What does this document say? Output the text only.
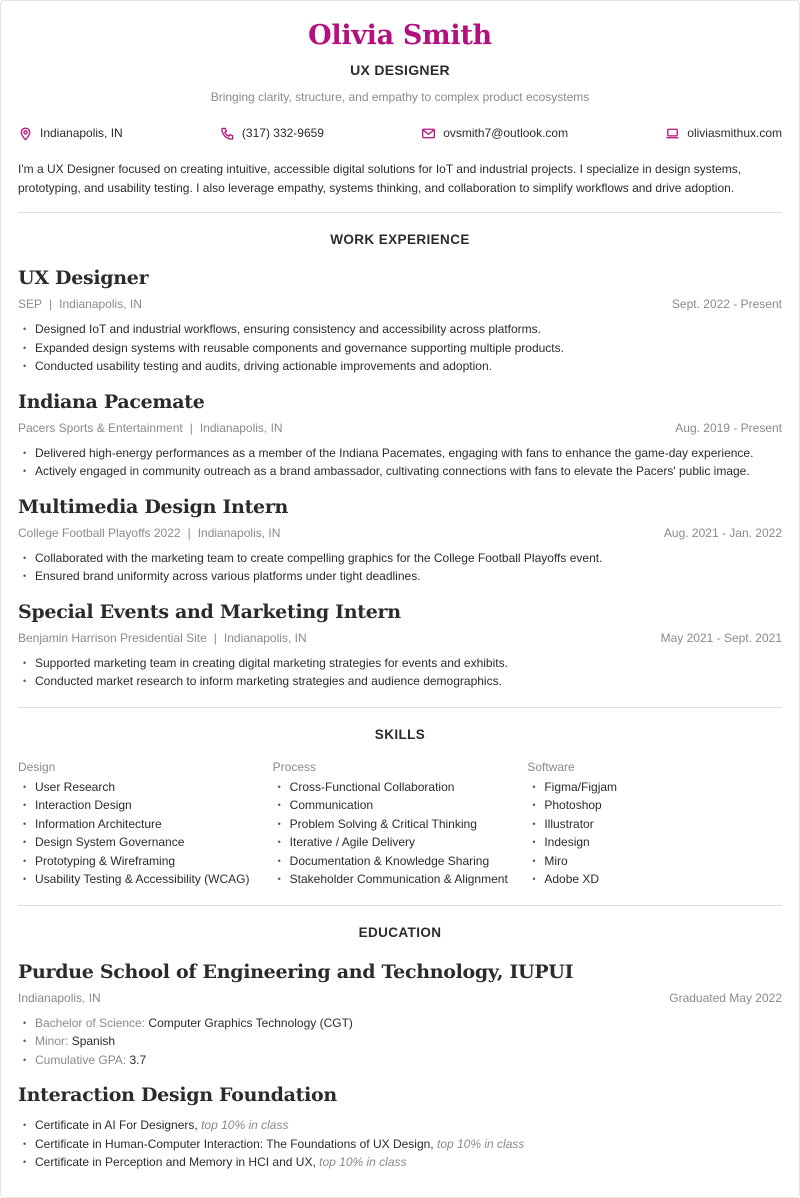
Olivia Smith
UX DESIGNER
Bringing clarity, structure, and empathy to complex product ecosystems
Indianapolis, IN	(317) 332-9659	ovsmith7@outlook.com	oliviasmithux.com
I'm a UX Designer focused on creating intuitive, accessible digital solutions for IoT and industrial projects. I specialize in design systems, prototyping, and usability testing. I also leverage empathy, systems thinking, and collaboration to simplify workflows and drive adoption.
WORK EXPERIENCE
UX Designer
SEP | Indianapolis, IN	Sept. 2022 - Present
• Designed IoT and industrial workflows, ensuring consistency and accessibility across platforms.
• Expanded design systems with reusable components and governance supporting multiple products.
• Conducted usability testing and audits, driving actionable improvements and adoption.
Indiana Pacemate
Pacers Sports & Entertainment | Indianapolis, IN	Aug. 2019 - Present
• Delivered high-energy performances as a member of the Indiana Pacemates, engaging with fans to enhance the game-day experience.
• Actively engaged in community outreach as a brand ambassador, cultivating connections with fans to elevate the Pacers' public image.
Multimedia Design Intern
College Football Playoffs 2022 | Indianapolis, IN	Aug. 2021 - Jan. 2022
• Collaborated with the marketing team to create compelling graphics for the College Football Playoffs event.
• Ensured brand uniformity across various platforms under tight deadlines.
Special Events and Marketing Intern
Benjamin Harrison Presidential Site | Indianapolis, IN	May 2021 - Sept. 2021
• Supported marketing team in creating digital marketing strategies for events and exhibits.
• Conducted market research to inform marketing strategies and audience demographics.
SKILLS
Design
• User Research
• Interaction Design
• Information Architecture
• Design System Governance
• Prototyping & Wireframing
• Usability Testing & Accessibility (WCAG)
Process
• Cross-Functional Collaboration
• Communication
• Problem Solving & Critical Thinking
• Iterative / Agile Delivery
• Documentation & Knowledge Sharing
• Stakeholder Communication & Alignment
Software
• Figma/Figjam
• Photoshop
• Illustrator
• Indesign
• Miro
• Adobe XD
EDUCATION
Purdue School of Engineering and Technology, IUPUI
Indianapolis, IN	Graduated May 2022
• Bachelor of Science: Computer Graphics Technology (CGT)
• Minor: Spanish
• Cumulative GPA: 3.7
Interaction Design Foundation
• Certificate in AI For Designers, top 10% in class
• Certificate in Human-Computer Interaction: The Foundations of UX Design, top 10% in class
• Certificate in Perception and Memory in HCI and UX, top 10% in class
